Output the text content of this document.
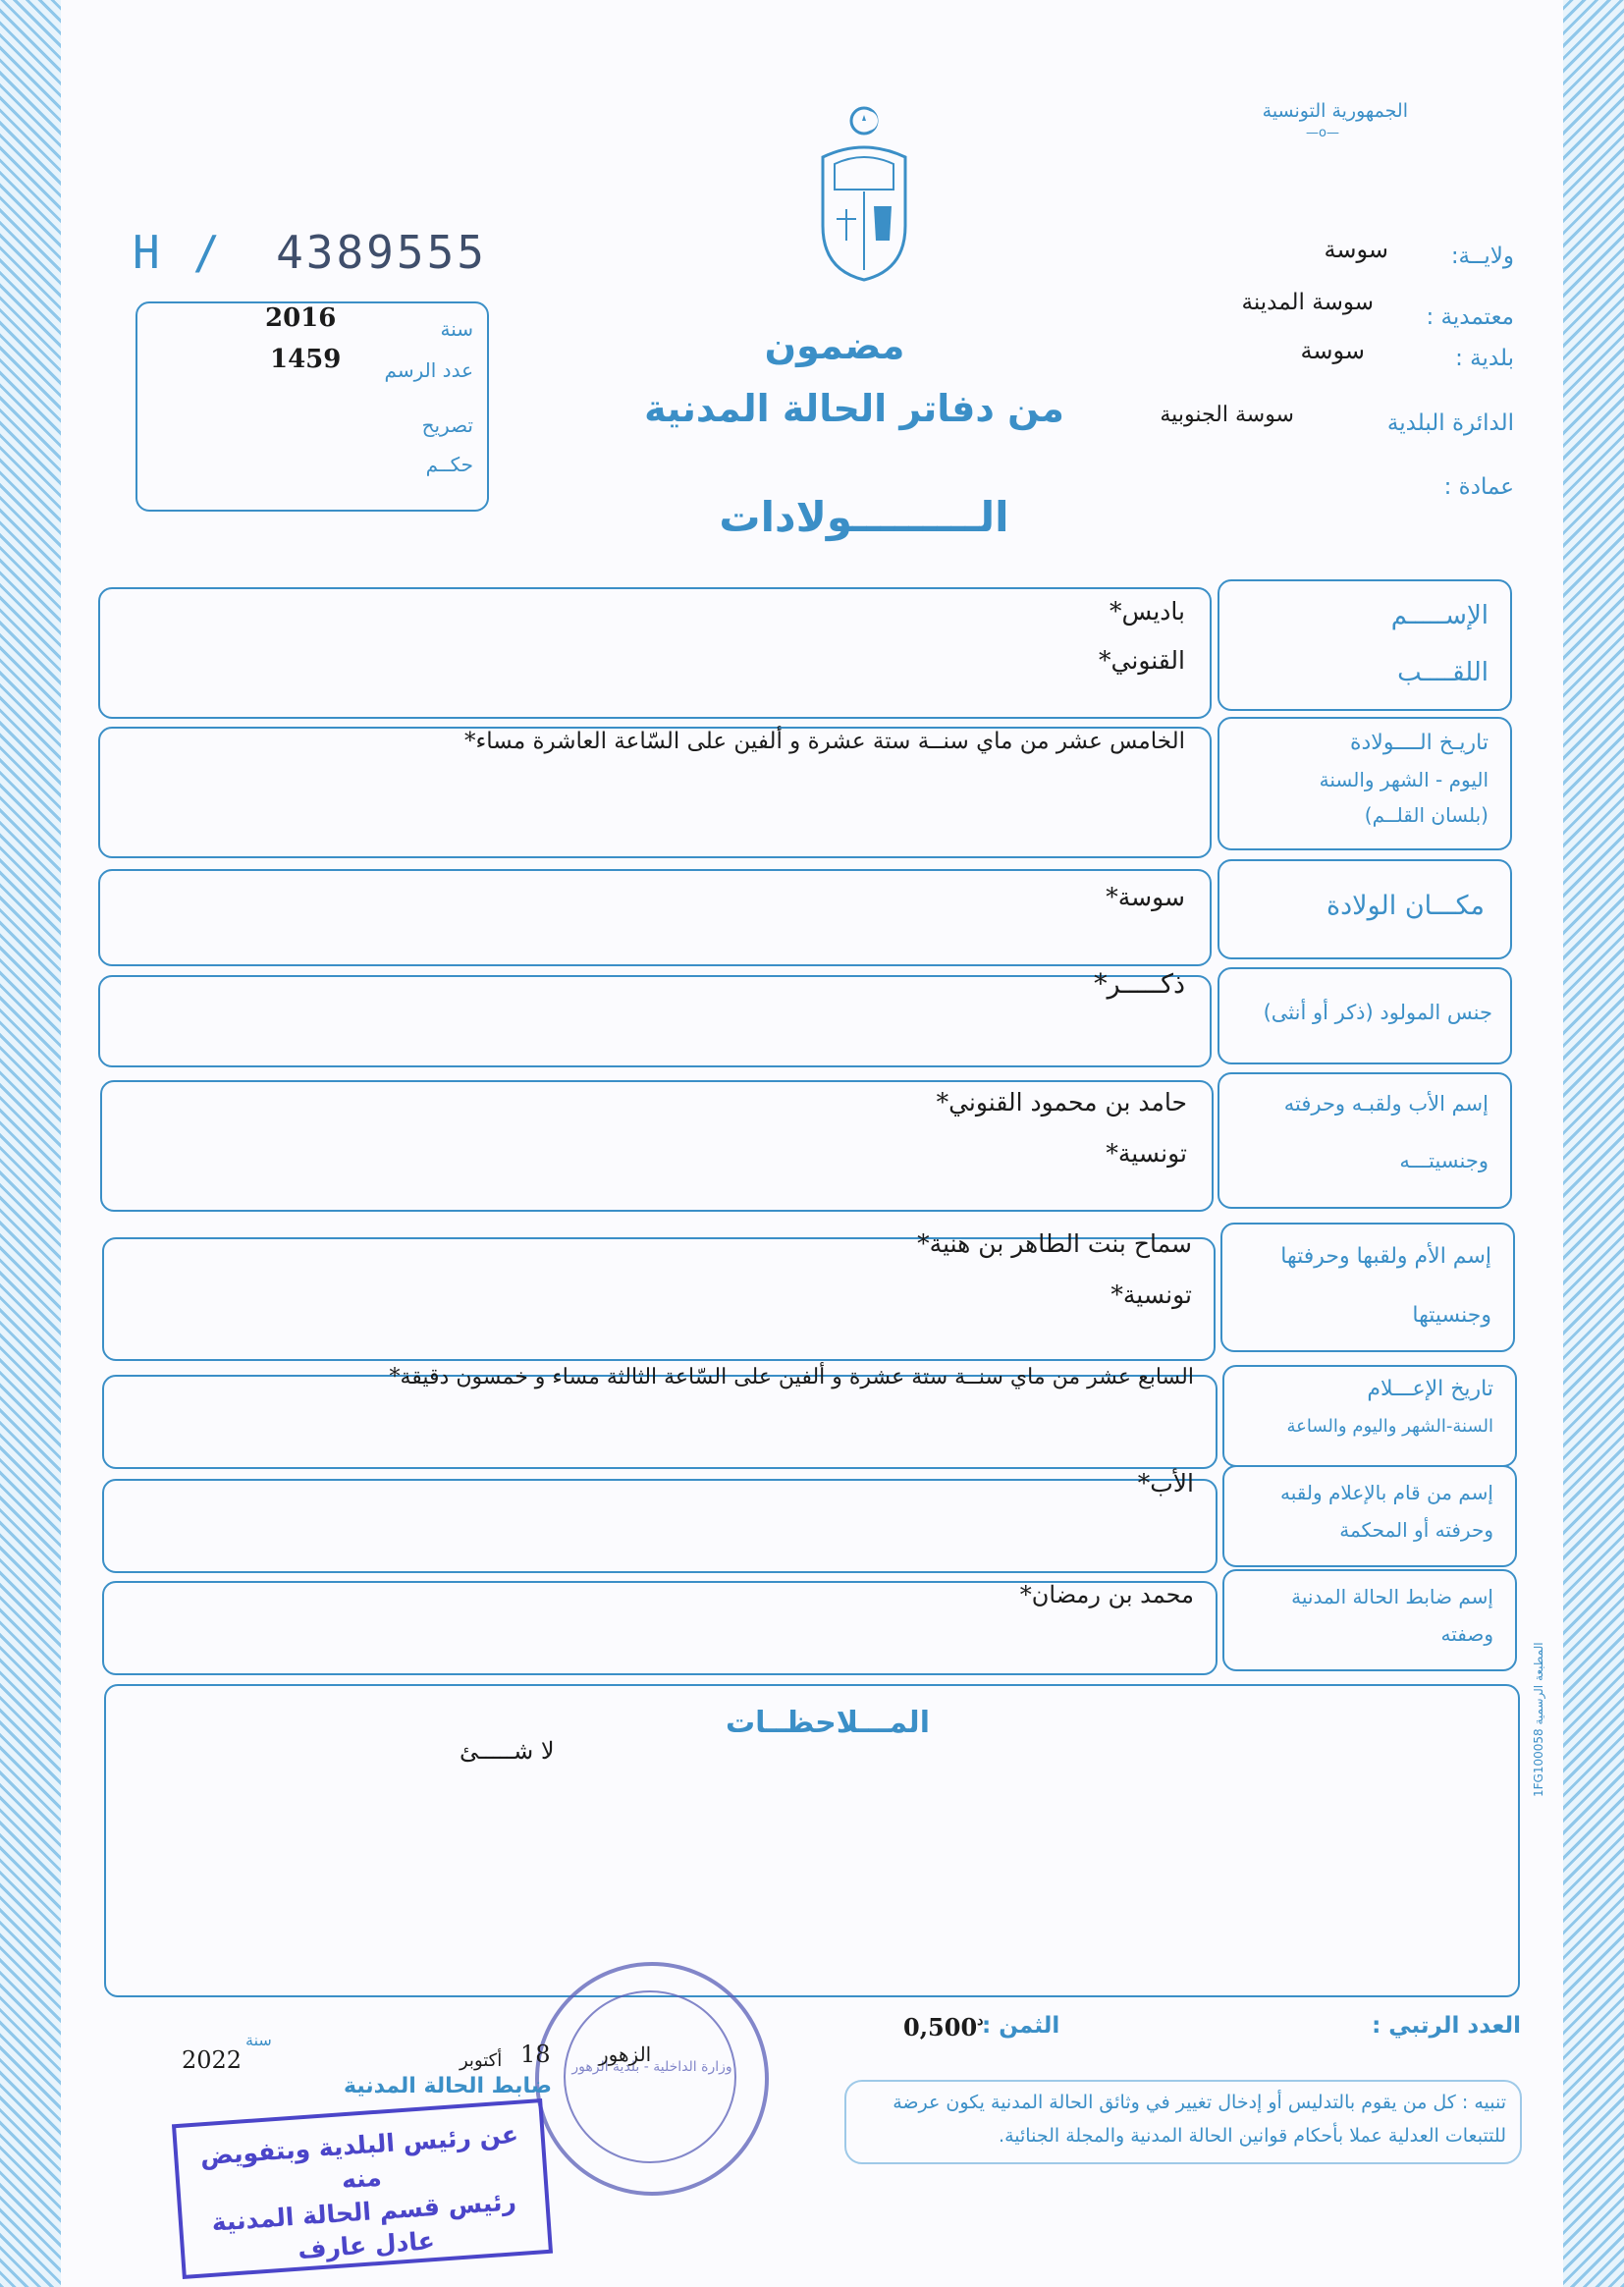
الجمهورية التونسية
—o—
H / 4389555
سنة
2016
عدد الرسم
1459
تصريح
حكــم
ولايــة:
سوسة
معتمدية :
سوسة المدينة
بلدية :
سوسة
الدائرة البلدية
سوسة الجنوبية
عمادة :
مضمون
من دفاتر الحالة المدنية
الـــــــــولادات
الإســـــم
اللقــــب
باديس*
القنوني*
تاريـخ الــــولادة
اليوم - الشهر والسنة
(بلسان القلــم)
الخامس عشر من ماي سنــة ستة عشرة و ألفين على السّاعة العاشرة مساء*
مكـــان الولادة
سوسة*
جنس المولود (ذكر أو أنثى)
ذكـــــر*
إسم الأب ولقبـه وحرفته
وجنسيتـــه
حامد بن محمود القنوني*
تونسية*
إسم الأم ولقبها وحرفتها
وجنسيتها
سماح بنت الطاهر بن هنية*
تونسية*
تاريخ الإعـــلام
السنة-الشهر واليوم والساعة
السابع عشر من ماي سنــة ستة عشرة و ألفين على السّاعة الثالثة مساء و خمسون دقيقة*
إسم من قام بالإعلام ولقبه
وحرفته أو المحكمة
الأب*
إسم ضابط الحالة المدنية
وصفته
محمد بن رمضان*
المـــلاحظــات
لا شـــــئ	المطبعة الرسمية 1FG100058
العدد الرتبي :
الثمن :
$^د$0,500
تنبيه : كل من يقوم بالتدليس أو إدخال تغيير في وثائق الحالة المدنية يكون عرضة
للتتبعات العدلية عملا بأحكام قوانين الحالة المدنية والمجلة الجنائية.
وزارة الداخلية - بلدية الزهور
الزهور
18
أكتوبر
سنة
2022
ضابط الحالة المدنية
عن رئيس البلدية وبتفويض منه
رئيس قسم الحالة المدنية
عادل عارف
